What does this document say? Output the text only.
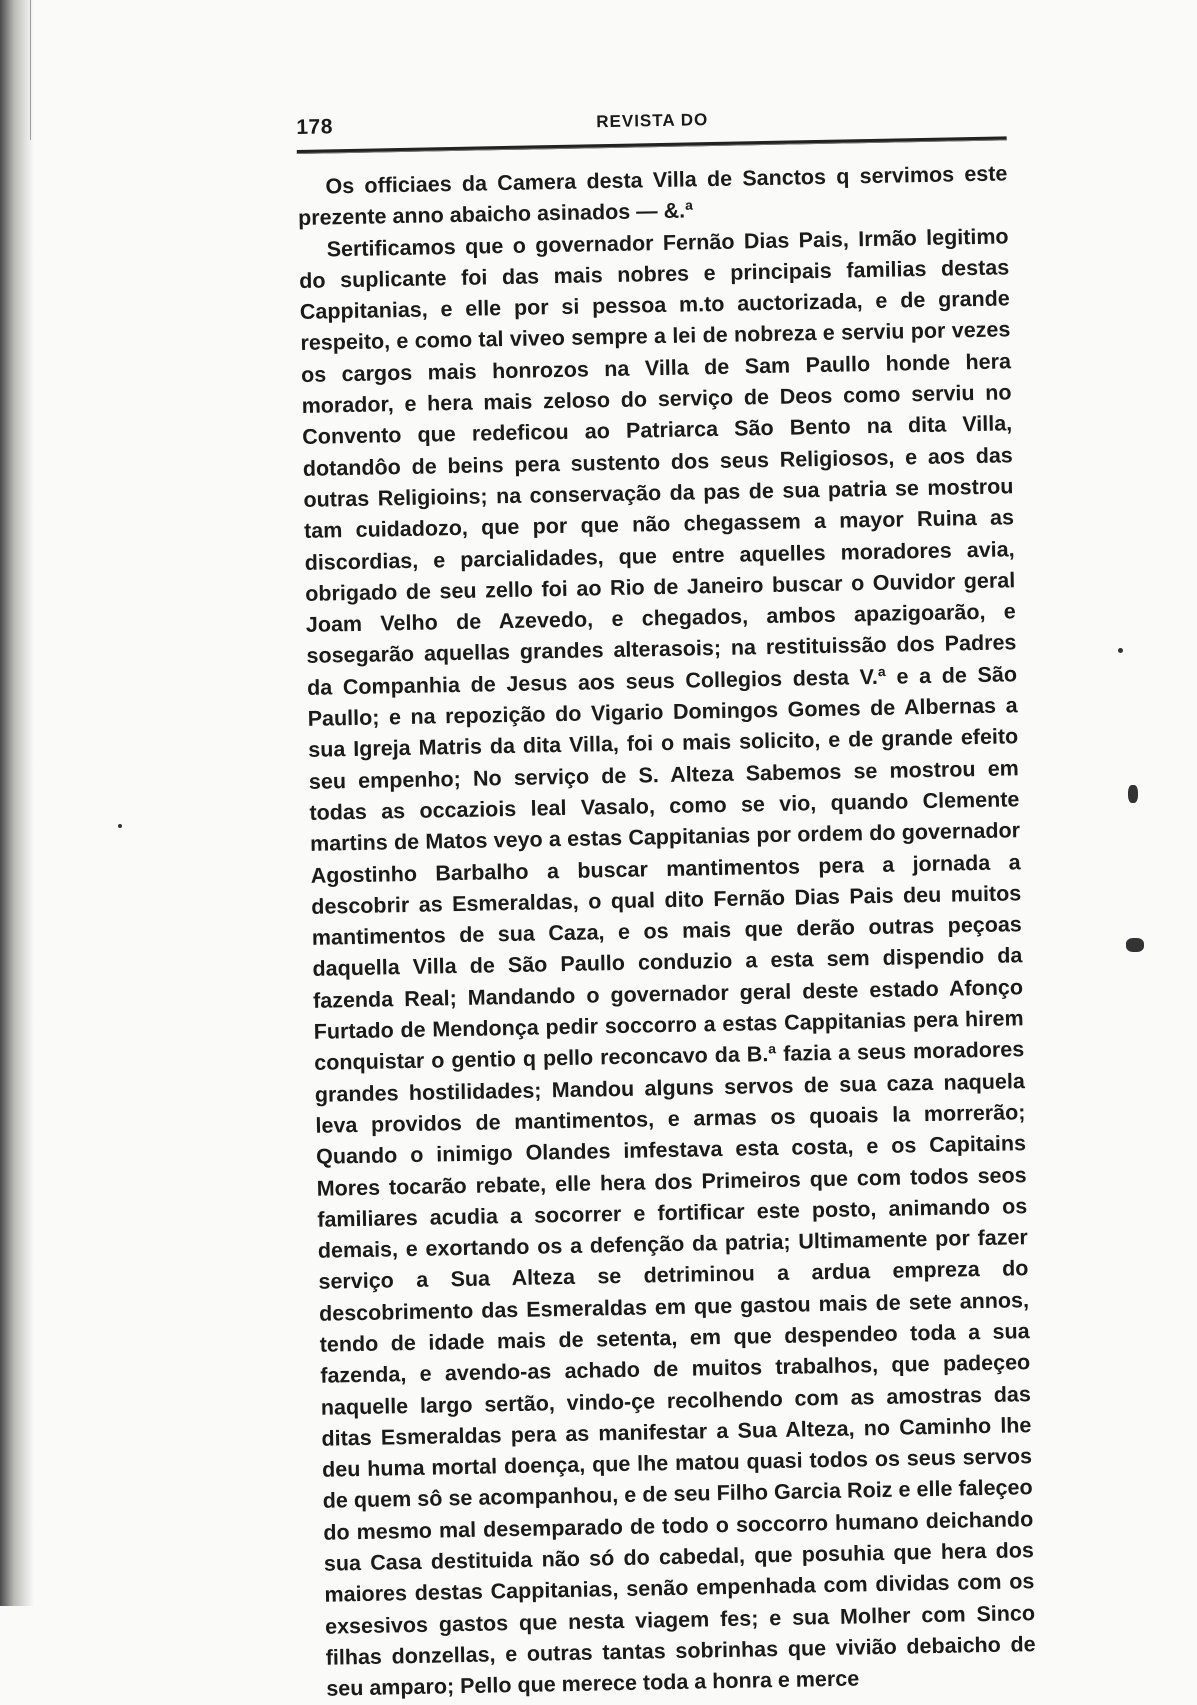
178	REVISTA DO

Os officiaes da Camera desta Villa de Sanctos q servimos este prezente anno abaicho asinados — &.ª

Sertificamos que o governador Fernão Dias Pais, Irmão legitimo do suplicante foi das mais nobres e principais familias destas Cappitanias, e elle por si pessoa m.to auctorizada, e de grande respeito, e como tal viveo sempre a lei de nobreza e serviu por vezes os cargos mais honrozos na Villa de Sam Paullo honde hera morador, e hera mais zeloso do serviço de Deos como serviu no Convento que redeficou ao Patriarca São Bento na dita Villa, dotandôo de beins pera sustento dos seus Religiosos, e aos das outras Religioins; na conservação da pas de sua patria se mostrou tam cuidadozo, que por que não chegassem a mayor Ruina as discordias, e parcialidades, que entre aquelles moradores avia, obrigado de seu zello foi ao Rio de Janeiro buscar o Ouvidor geral Joam Velho de Azevedo, e chegados, ambos apazigoarão, e sosegarão aquellas grandes alterasois; na restituissão dos Padres da Companhia de Jesus aos seus Collegios desta V.ª e a de São Paullo; e na repozição do Vigario Domingos Gomes de Albernas a sua Igreja Matris da dita Villa, foi o mais solicito, e de grande efeito seu empenho; No serviço de S. Alteza Sabemos se mostrou em todas as occaziois leal Vasalo, como se vio, quando Clemente martins de Matos veyo a estas Cappitanias por ordem do governador Agostinho Barbalho a buscar mantimentos pera a jornada a descobrir as Esmeraldas, o qual dito Fernão Dias Pais deu muitos mantimentos de sua Caza, e os mais que derão outras peçoas daquella Villa de São Paullo conduzio a esta sem dispendio da fazenda Real; Mandando o governador geral deste estado Afonço Furtado de Mendonça pedir soccorro a estas Cappitanias pera hirem conquistar o gentio q pello reconcavo da B.ª fazia a seus moradores grandes hostilidades; Mandou alguns servos de sua caza naquela leva providos de mantimentos, e armas os quoais la morrerão; Quando o inimigo Olandes imfestava esta costa, e os Capitains Mores tocarão rebate, elle hera dos Primeiros que com todos seos familiares acudia a socorrer e fortificar este posto, animando os demais, e exortando os a defenção da patria; Ultimamente por fazer serviço a Sua Alteza se detriminou a ardua empreza do descobrimento das Esmeraldas em que gastou mais de sete annos, tendo de idade mais de setenta, em que despendeo toda a sua fazenda, e avendo-as achado de muitos trabalhos, que padeçeo naquelle largo sertão, vindo-çe recolhendo com as amostras das ditas Esmeraldas pera as manifestar a Sua Alteza, no Caminho lhe deu huma mortal doença, que lhe matou quasi todos os seus servos de quem sô se acompanhou, e de seu Filho Garcia Roiz e elle faleçeo do mesmo mal desemparado de todo o soccorro humano deichando sua Casa destituida não só do cabedal, que posuhia que hera dos maiores destas Cappitanias, senão empenhada com dividas com os exsesivos gastos que nesta viagem fes; e sua Molher com Sinco filhas donzellas, e outras tantas sobrinhas que vivião debaicho de seu amparo; Pello que merece toda a honra e merce
